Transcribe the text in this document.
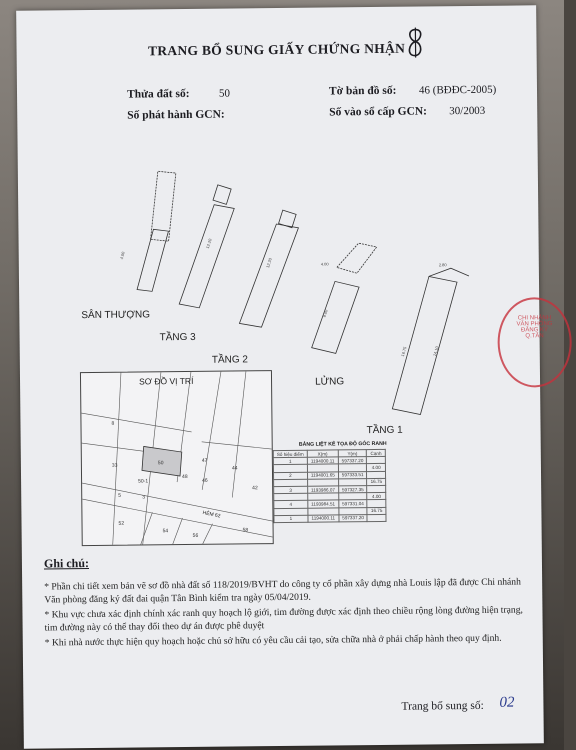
TRANG BỔ SUNG GIẤY CHỨNG NHẬN
Thửa đất số:	50	Tờ bản đồ số: 46 (BĐĐC-2005)
Số phát hành GCN:	Số vào sổ cấp GCN: 30/2003
4.00
12.20
12.20
8.00
16.75	14.10
4.00	2.80
SÂN THƯỢNG
TẦNG 3
TẦNG 2
LỬNG
TẦNG 1
50
8
33
47
44
42
50-1
48
46
52
54
56
58
5	3
SƠ ĐỒ VỊ TRÍ
HẺM 62
BẢNG LIỆT KÊ TỌA ĐỘ GÓC RANH
Số hiệu điểm	X(m)	Y(m)	Cạnh
1	1194000.11	597337.20	
			4.00
2	1194001.65	597333.51	
			16.75
3	1193986.07	597327.35	
			4.00
4	1193984.51	597331.04	
			16.75
1	1194000.11	597337.20	
CHI NHÁNH
VĂN PHÒNG
ĐĂNG KÝ
Q.TÂN
Ghi chú:
* Phần chi tiết xem bản vẽ sơ đồ nhà đất số 118/2019/BVHT do công ty cổ phần xây dựng nhà Louis lập đã được Chi nhánh Văn phòng đăng ký đất đai quận Tân Bình kiểm tra ngày 05/04/2019.
* Khu vực chưa xác định chính xác ranh quy hoạch lộ giới, tim đường được xác định theo chiều rộng lòng đường hiện trạng, tim đường này có thể thay đổi theo dự án được phê duyệt
* Khi nhà nước thực hiện quy hoạch hoặc chủ sở hữu có yêu cầu cải tạo, sửa chữa nhà ở phải chấp hành theo quy định.
Trang bổ sung số: 02
